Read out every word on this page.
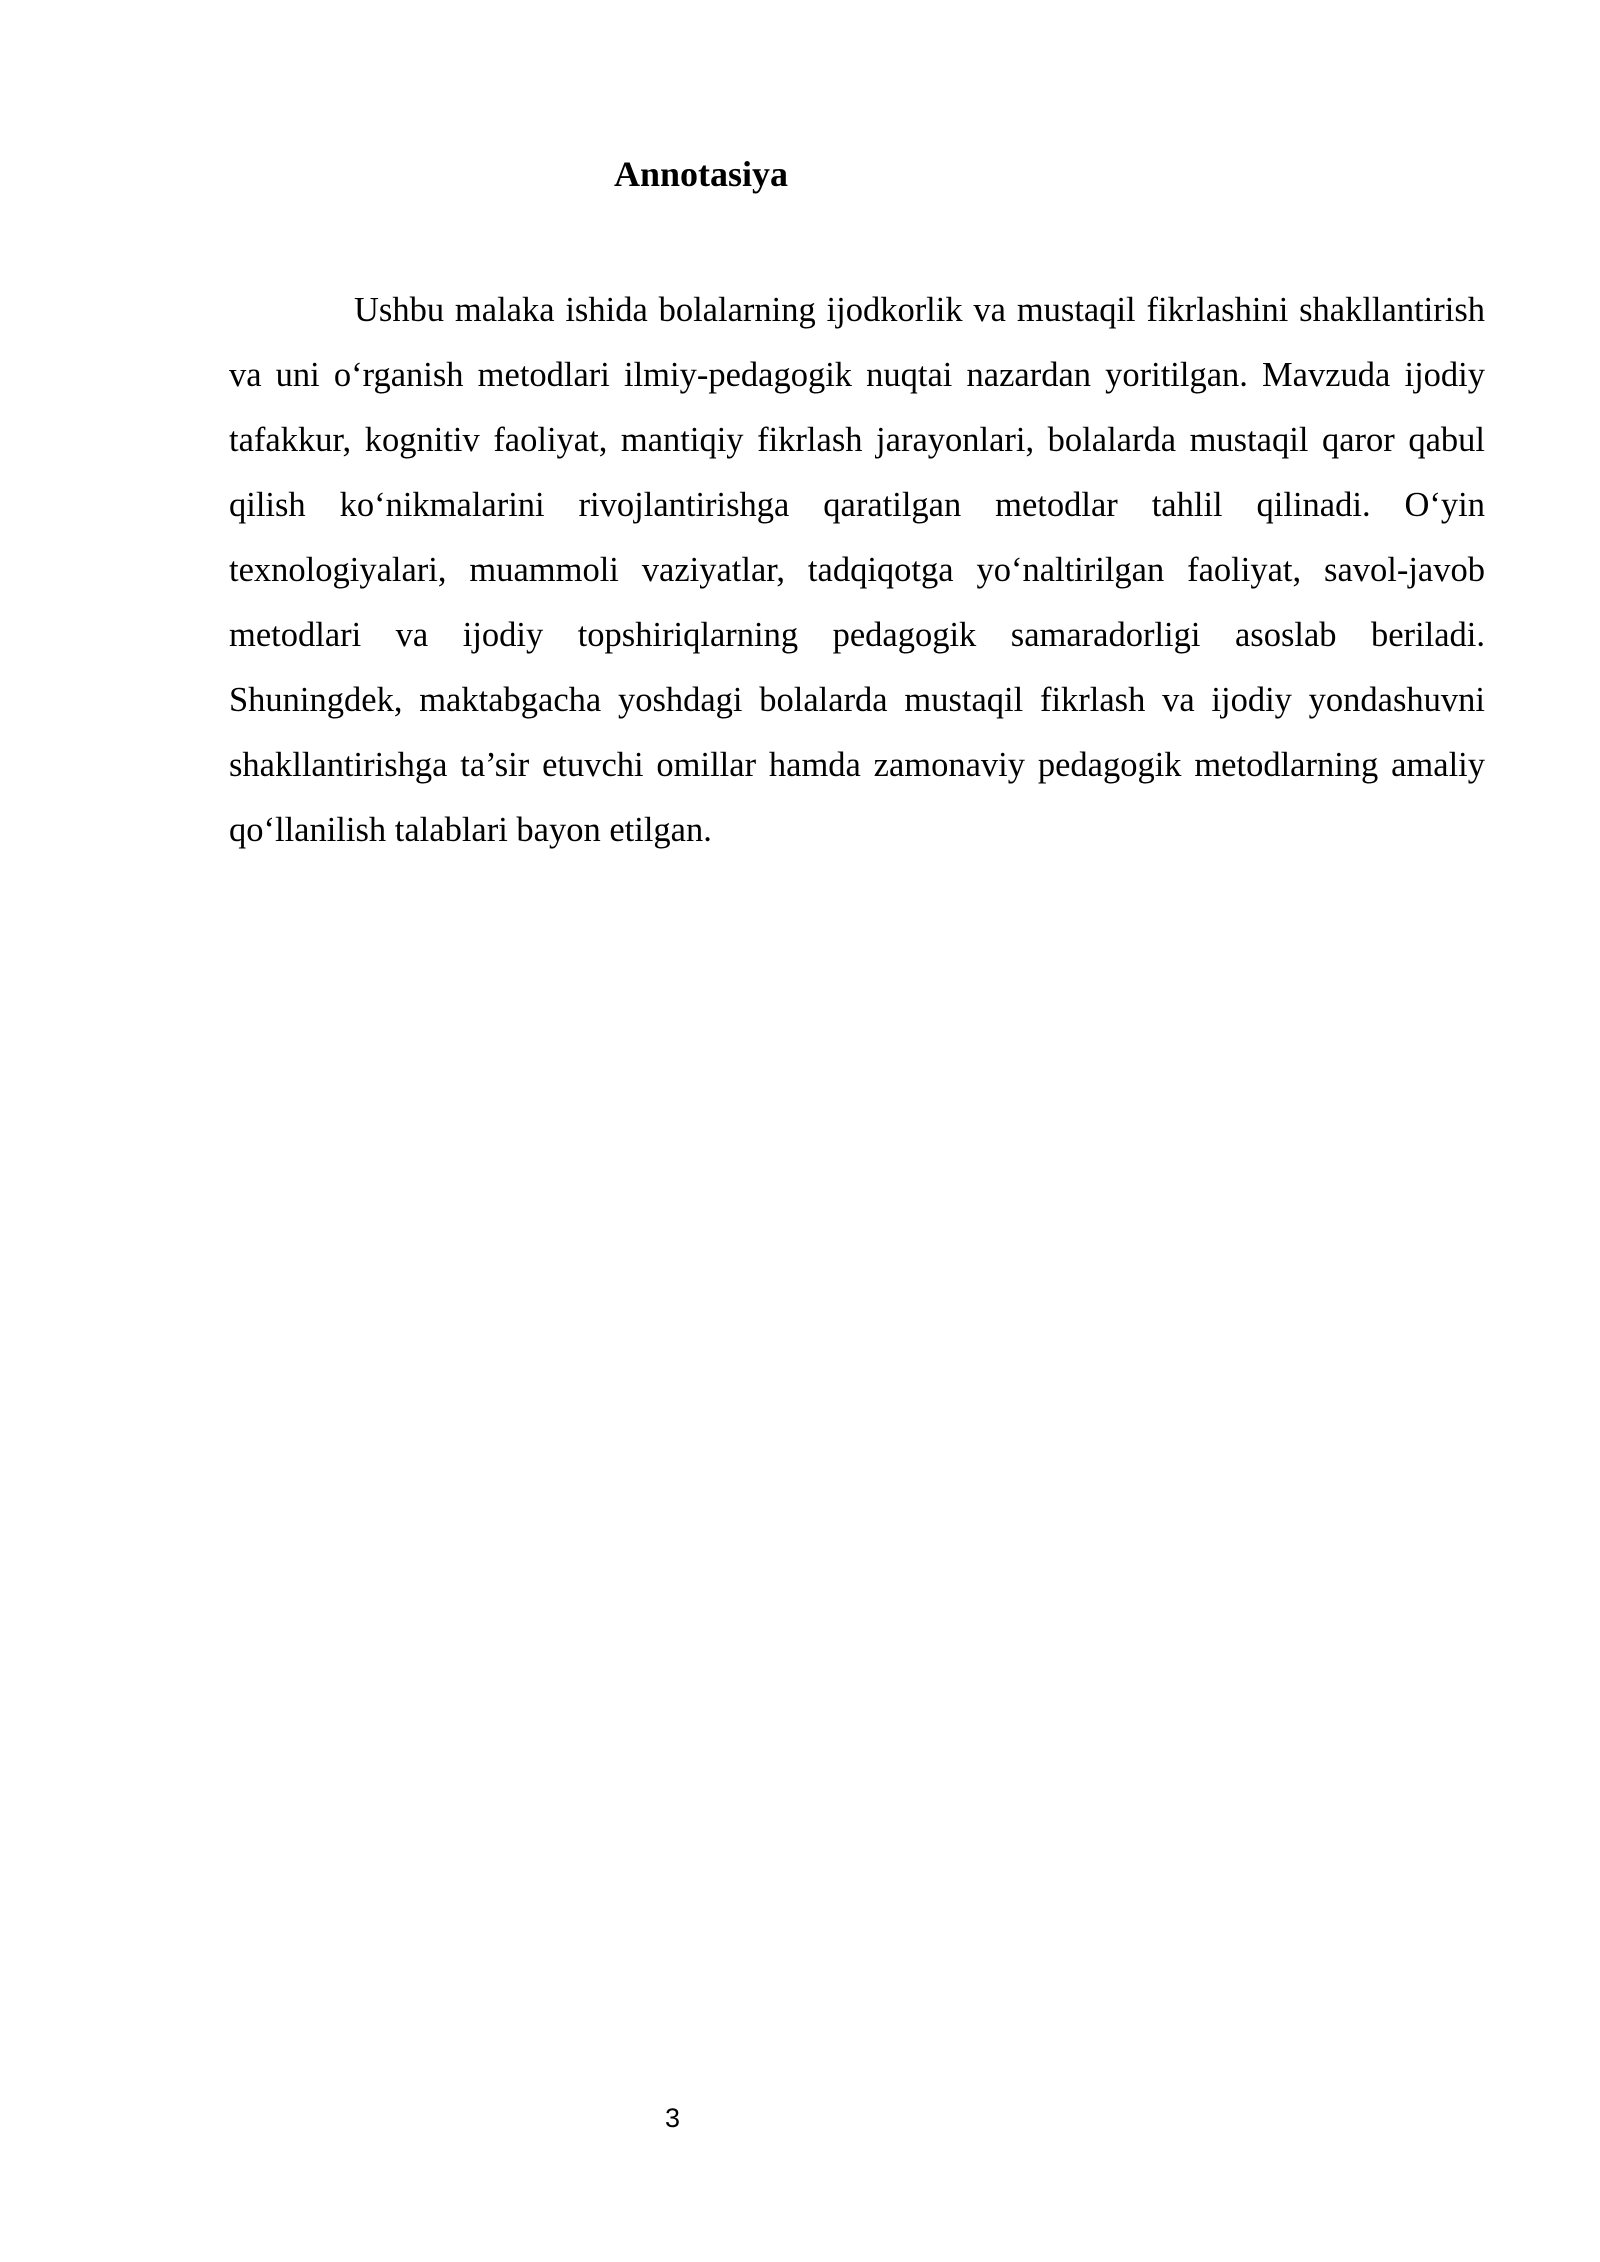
Annotasiya

Ushbu malaka ishida bolalarning ijodkorlik va mustaqil fikrlashini shakllantirish va uni o‘rganish metodlari ilmiy-pedagogik nuqtai nazardan yoritilgan. Mavzuda ijodiy tafakkur, kognitiv faoliyat, mantiqiy fikrlash jarayonlari, bolalarda mustaqil qaror qabul qilish ko‘nikmalarini rivojlantirishga qaratilgan metodlar tahlil qilinadi. O‘yin texnologiyalari, muammoli vaziyatlar, tadqiqotga yo‘naltirilgan faoliyat, savol-javob metodlari va ijodiy topshiriqlarning pedagogik samaradorligi asoslab beriladi. Shuningdek, maktabgacha yoshdagi bolalarda mustaqil fikrlash va ijodiy yondashuvni shakllantirishga ta’sir etuvchi omillar hamda zamonaviy pedagogik metodlarning amaliy qo‘llanilish talablari bayon etilgan.

3
